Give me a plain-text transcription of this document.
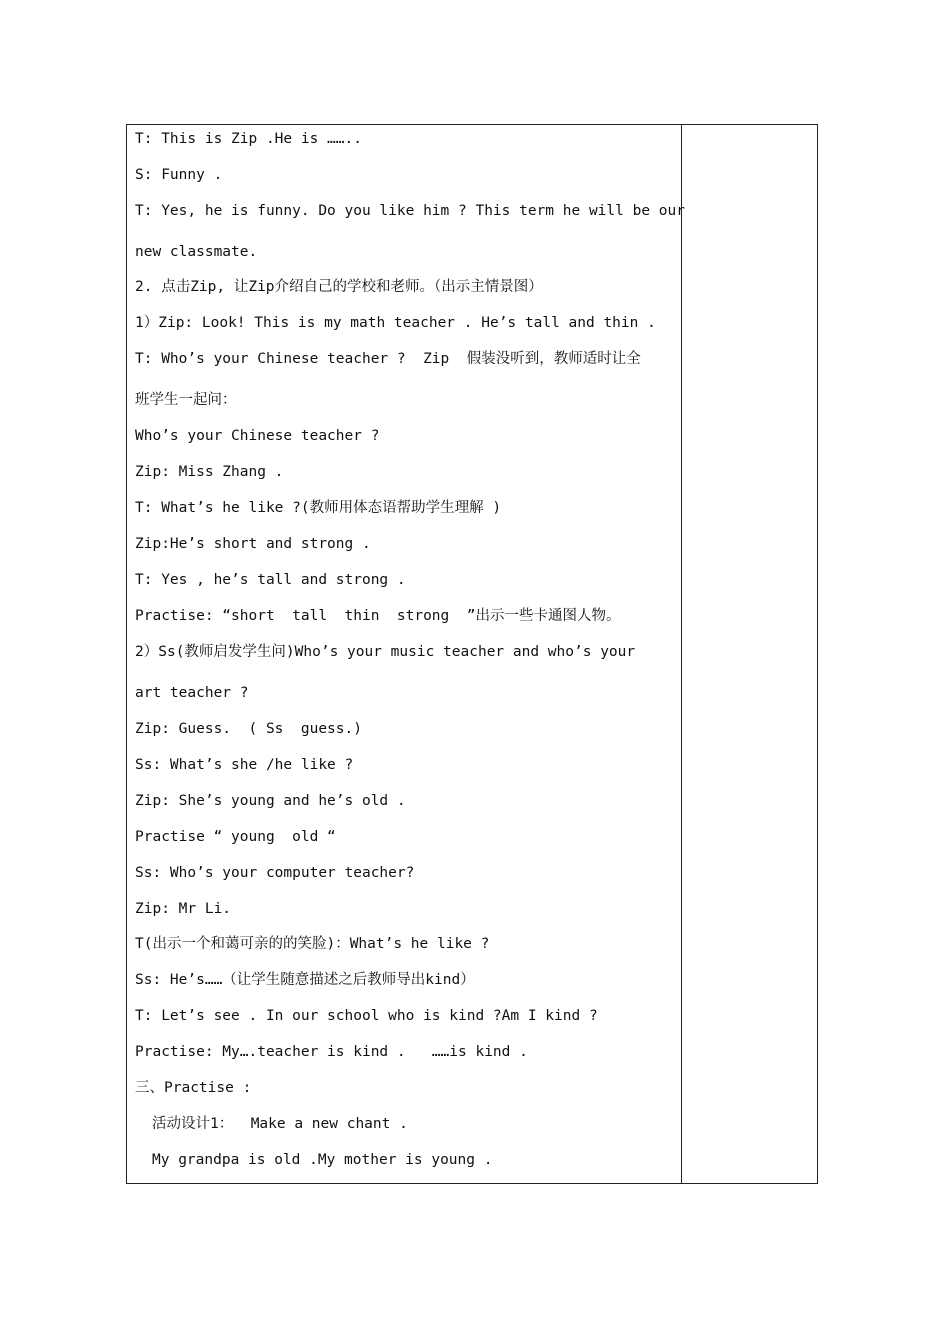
T: This is Zip .He is ……..
S: Funny .
T: Yes, he is funny. Do you like him ? This term he will be our
new classmate.
2. 点击Zip, 让Zip介绍自己的学校和老师。（出示主情景图）
1）Zip: Look! This is my math teacher . He’s tall and thin .
T: Who’s your Chinese teacher ?  Zip  假装没听到，教师适时让全
班学生一起问：
Who’s your Chinese teacher ?
Zip: Miss Zhang .
T: What’s he like ?(教师用体态语帮助学生理解 )
Zip:He’s short and strong .
T: Yes , he’s tall and strong .
Practise: “short  tall  thin  strong  ”出示一些卡通图人物。
2）Ss(教师启发学生问)Who’s your music teacher and who’s your
art teacher ?
Zip: Guess.  ( Ss  guess.)
Ss: What’s she /he like ?
Zip: She’s young and he’s old .
Practise “ young  old “
Ss: Who’s your computer teacher?
Zip: Mr Li.
T(出示一个和蔼可亲的的笑脸)：What’s he like ?
Ss: He’s……（让学生随意描述之后教师导出kind）
T: Let’s see . In our school who is kind ?Am I kind ?
Practise: My….teacher is kind .   ……is kind .
三、Practise :
活动设计1：  Make a new chant .
My grandpa is old .My mother is young .
